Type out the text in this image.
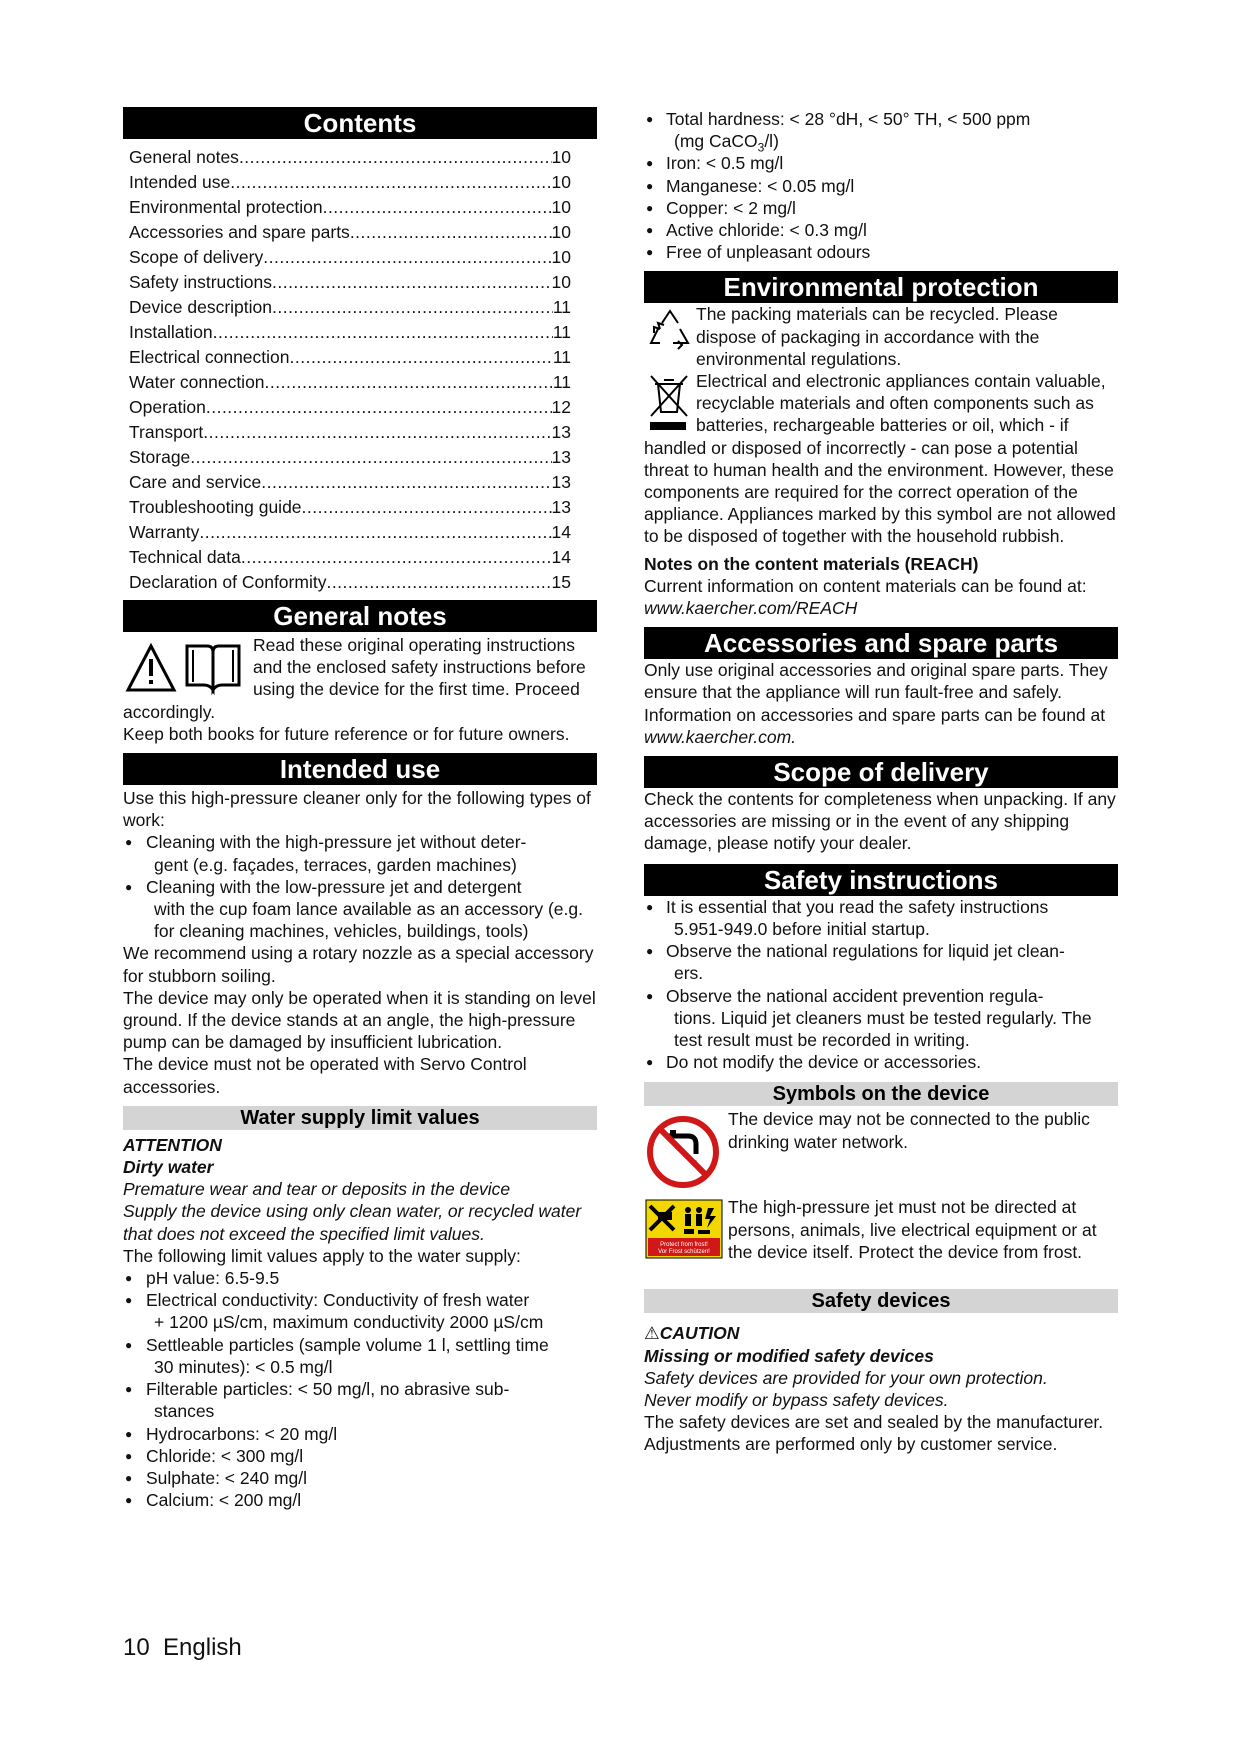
Contents
General notes .....	10
Intended use .....	10
Environmental protection .....	10
Accessories and spare parts .....	10
Scope of delivery .....	10
Safety instructions .....	10
Device description .....	11
Installation .....	11
Electrical connection .....	11
Water connection .....	11
Operation .....	12
Transport .....	13
Storage .....	13
Care and service .....	13
Troubleshooting guide .....	13
Warranty .....	14
Technical data .....	14
Declaration of Conformity .....	15
General notes

Read these original operating instructions and the enclosed safety instructions before using the device for the first time. Proceed accordingly.

Keep both books for future reference or for future owners.

Intended use

Use this high-pressure cleaner only for the following types of work:

● Cleaning with the high-pressure jet without deter-
gent (e.g. façades, terraces, garden machines)
● Cleaning with the low-pressure jet and detergent
with the cup foam lance available as an accessory (e.g. for cleaning machines, vehicles, buildings, tools)

We recommend using a rotary nozzle as a special accessory for stubborn soiling.

The device may only be operated when it is standing on level ground. If the device stands at an angle, the high-pressure pump can be damaged by insufficient lubrication.

The device must not be operated with Servo Control accessories.

Water supply limit values

ATTENTION

Dirty water

Premature wear and tear or deposits in the device

Supply the device using only clean water, or recycled water that does not exceed the specified limit values.

The following limit values apply to the water supply:

● pH value: 6.5-9.5
● Electrical conductivity: Conductivity of fresh water
+ 1200 µS/cm, maximum conductivity 2000 µS/cm
● Settleable particles (sample volume 1 l, settling time
30 minutes): < 0.5 mg/l
● Filterable particles: < 50 mg/l, no abrasive sub-
stances
● Hydrocarbons: < 20 mg/l
● Chloride: < 300 mg/l
● Sulphate: < 240 mg/l
● Calcium: < 200 mg/l
● Total hardness: < 28 °dH, < 50° TH, < 500 ppm
(mg CaCO$_3$/l)
● Iron: < 0.5 mg/l
● Manganese: < 0.05 mg/l
● Copper: < 2 mg/l
● Active chloride: < 0.3 mg/l
● Free of unpleasant odours
Environmental protection

The packing materials can be recycled. Please dispose of packaging in accordance with the environmental regulations.

Electrical and electronic appliances contain valuable, recyclable materials and often components such as batteries, rechargeable batteries or oil, which - if handled or disposed of incorrectly - can pose a potential threat to human health and the environment. However, these components are required for the correct operation of the appliance. Appliances marked by this symbol are not allowed to be disposed of together with the household rubbish.

Notes on the content materials (REACH)

Current information on content materials can be found at: www.kaercher.com/REACH

Accessories and spare parts

Only use original accessories and original spare parts. They ensure that the appliance will run fault-free and safely.

Information on accessories and spare parts can be found at www.kaercher.com.

Scope of delivery

Check the contents for completeness when unpacking. If any accessories are missing or in the event of any shipping damage, please notify your dealer.

Safety instructions
● It is essential that you read the safety instructions
5.951-949.0 before initial startup.
● Observe the national regulations for liquid jet clean-
ers.
● Observe the national accident prevention regula-
tions. Liquid jet cleaners must be tested regularly. The test result must be recorded in writing.
● Do not modify the device or accessories.
Symbols on the device

The device may not be connected to the public drinking water network.

Protect from frost!
Vor Frost schützen!

The high-pressure jet must not be directed at persons, animals, live electrical equipment or at the device itself. Protect the device from frost.

Safety devices

⚠CAUTION

Missing or modified safety devices

Safety devices are provided for your own protection.

Never modify or bypass safety devices.

The safety devices are set and sealed by the manufacturer. Adjustments are performed only by customer service.

10 English
